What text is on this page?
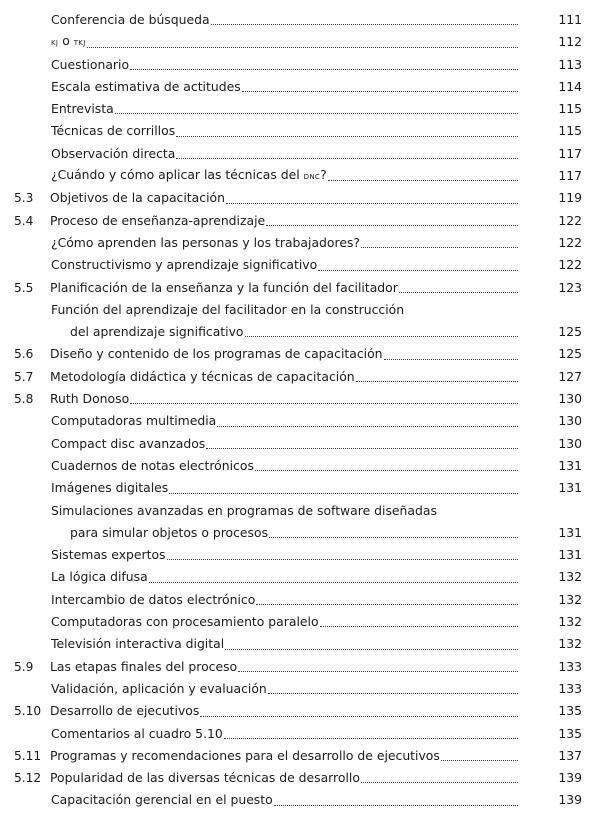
Conferencia de búsqueda	111
kj o tkj	112
Cuestionario	113
Escala estimativa de actitudes	114
Entrevista	115
Técnicas de corrillos	115
Observación directa	117
¿Cuándo y cómo aplicar las técnicas del dnc?	117
5.3 Objetivos de la capacitación	119
5.4 Proceso de enseñanza-aprendizaje	122
¿Cómo aprenden las personas y los trabajadores?	122
Constructivismo y aprendizaje significativo	122
5.5 Planificación de la enseñanza y la función del facilitador	123
Función del aprendizaje del facilitador en la construcción
del aprendizaje significativo	125
5.6 Diseño y contenido de los programas de capacitación	125
5.7 Metodología didáctica y técnicas de capacitación	127
5.8 Ruth Donoso	130
Computadoras multimedia	130
Compact disc avanzados	130
Cuadernos de notas electrónicos	131
Imágenes digitales	131
Simulaciones avanzadas en programas de software diseñadas
para simular objetos o procesos	131
Sistemas expertos	131
La lógica difusa	132
Intercambio de datos electrónico	132
Computadoras con procesamiento paralelo	132
Televisión interactiva digital	132
5.9 Las etapas finales del proceso	133
Validación, aplicación y evaluación	133
5.10 Desarrollo de ejecutivos	135
Comentarios al cuadro 5.10	135
5.11 Programas y recomendaciones para el desarrollo de ejecutivos	137
5.12 Popularidad de las diversas técnicas de desarrollo	139
Capacitación gerencial en el puesto	139
